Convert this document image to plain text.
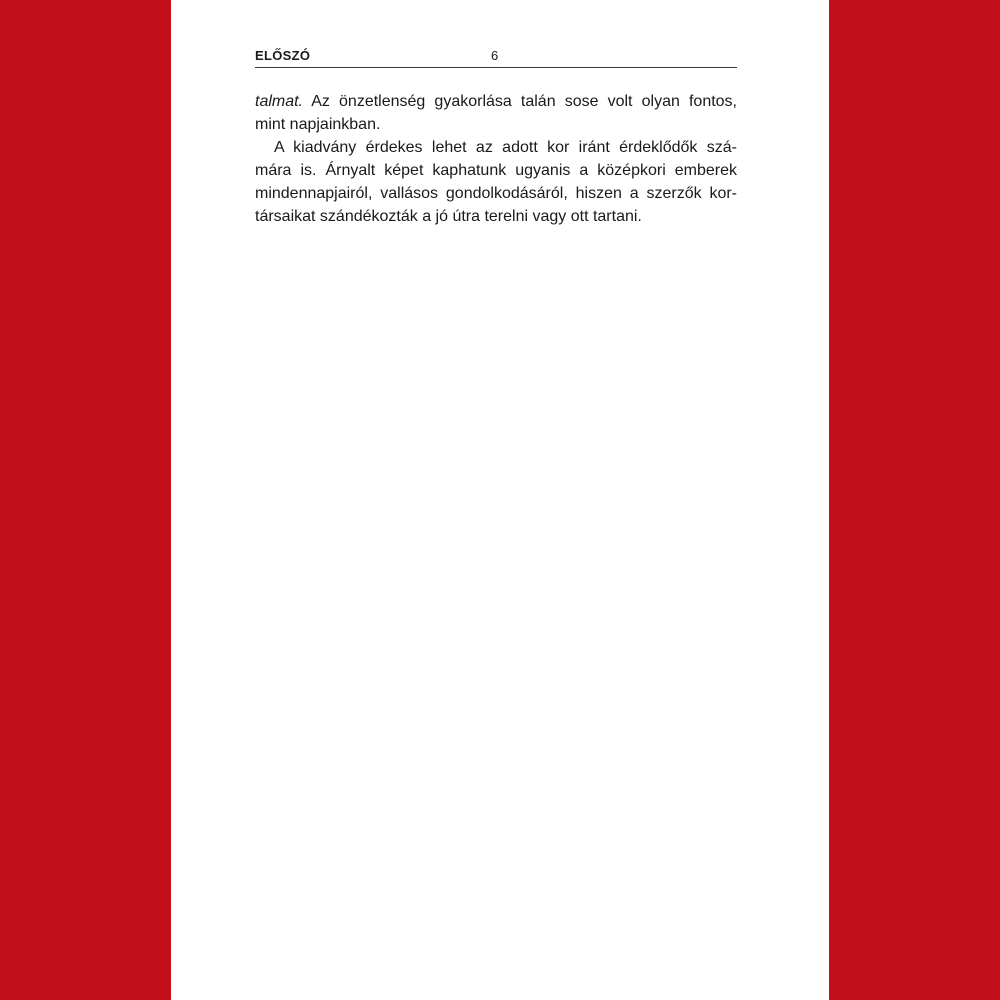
ELŐSZÓ	6
talmat. Az önzetlenség gyakorlása talán sose volt olyan fontos,
mint napjainkban.
A kiadvány érdekes lehet az adott kor iránt érdeklődők szá-
mára is. Árnyalt képet kaphatunk ugyanis a középkori emberek
mindennapjairól, vallásos gondolkodásáról, hiszen a szerzők kor-
társaikat szándékozták a jó útra terelni vagy ott tartani.
